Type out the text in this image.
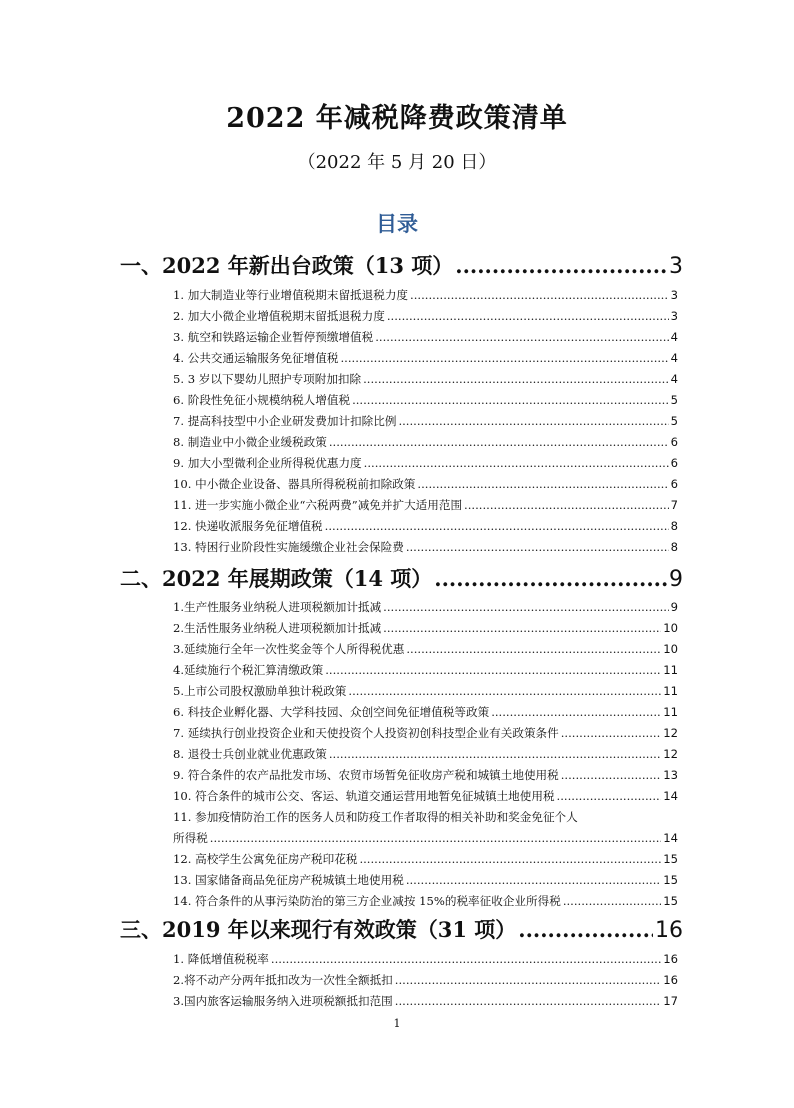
2022 年减税降费政策清单
（2022 年 5 月 20 日）
目录
一、2022 年新出台政策（13 项） .....	3
1. 加大制造业等行业增值税期末留抵退税力度 .....	3
2. 加大小微企业增值税期末留抵退税力度 .....	3
3. 航空和铁路运输企业暂停预缴增值税 .....	4
4. 公共交通运输服务免征增值税 .....	4
5. 3 岁以下婴幼儿照护专项附加扣除 .....	4
6. 阶段性免征小规模纳税人增值税 .....	5
7. 提高科技型中小企业研发费加计扣除比例 .....	5
8. 制造业中小微企业缓税政策 .....	6
9. 加大小型微利企业所得税优惠力度 .....	6
10. 中小微企业设备、器具所得税税前扣除政策 .....	6
11. 进一步实施小微企业“六税两费”减免并扩大适用范围 .....	7
12. 快递收派服务免征增值税 .....	8
13. 特困行业阶段性实施缓缴企业社会保险费 .....	8
二、2022 年展期政策（14 项） .....	9
1.生产性服务业纳税人进项税额加计抵减 .....	9
2.生活性服务业纳税人进项税额加计抵减 .....	10
3.延续施行全年一次性奖金等个人所得税优惠 .....	10
4.延续施行个税汇算清缴政策 .....	11
5.上市公司股权激励单独计税政策 .....	11
6. 科技企业孵化器、大学科技园、众创空间免征增值税等政策 .....	11
7. 延续执行创业投资企业和天使投资个人投资初创科技型企业有关政策条件 .....	12
8. 退役士兵创业就业优惠政策 .....	12
9. 符合条件的农产品批发市场、农贸市场暂免征收房产税和城镇土地使用税 .....	13
10. 符合条件的城市公交、客运、轨道交通运营用地暂免征城镇土地使用税 .....	14
11. 参加疫情防治工作的医务人员和防疫工作者取得的相关补助和奖金免征个人
所得税 .....	14
12. 高校学生公寓免征房产税印花税 .....	15
13. 国家储备商品免征房产税城镇土地使用税 .....	15
14. 符合条件的从事污染防治的第三方企业减按 15%的税率征收企业所得税 .....	15
三、2019 年以来现行有效政策（31 项） .....	16
1. 降低增值税税率 .....	16
2.将不动产分两年抵扣改为一次性全额抵扣 .....	16
3.国内旅客运输服务纳入进项税额抵扣范围 .....	17
1
